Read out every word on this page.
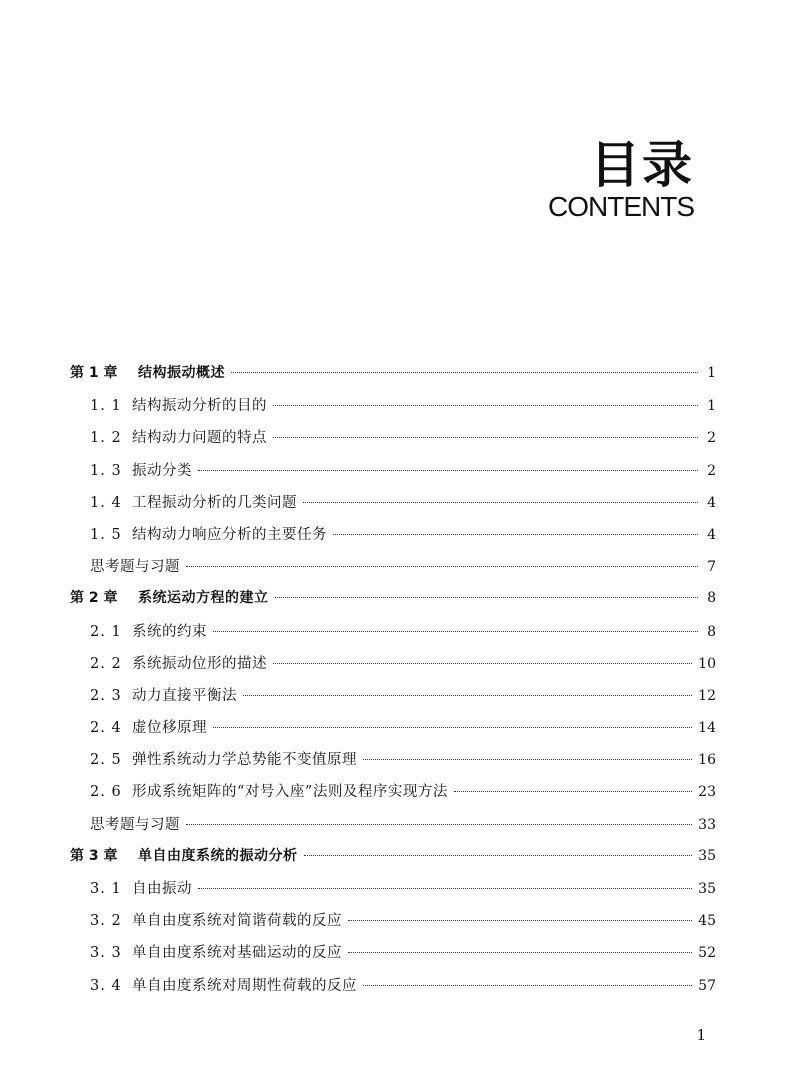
目录
CONTENTS
第 1 章	结构振动概述	1
1. 1 结构振动分析的目的	1
1. 2 结构动力问题的特点	2
1. 3 振动分类	2
1. 4 工程振动分析的几类问题	4
1. 5 结构动力响应分析的主要任务	4
思考题与习题	7
第 2 章	系统运动方程的建立	8
2. 1 系统的约束	8
2. 2 系统振动位形的描述	10
2. 3 动力直接平衡法	12
2. 4 虚位移原理	14
2. 5 弹性系统动力学总势能不变值原理	16
2. 6 形成系统矩阵的“对号入座”法则及程序实现方法	23
思考题与习题	33
第 3 章	单自由度系统的振动分析	35
3. 1 自由振动	35
3. 2 单自由度系统对简谐荷载的反应	45
3. 3 单自由度系统对基础运动的反应	52
3. 4 单自由度系统对周期性荷载的反应	57
1
